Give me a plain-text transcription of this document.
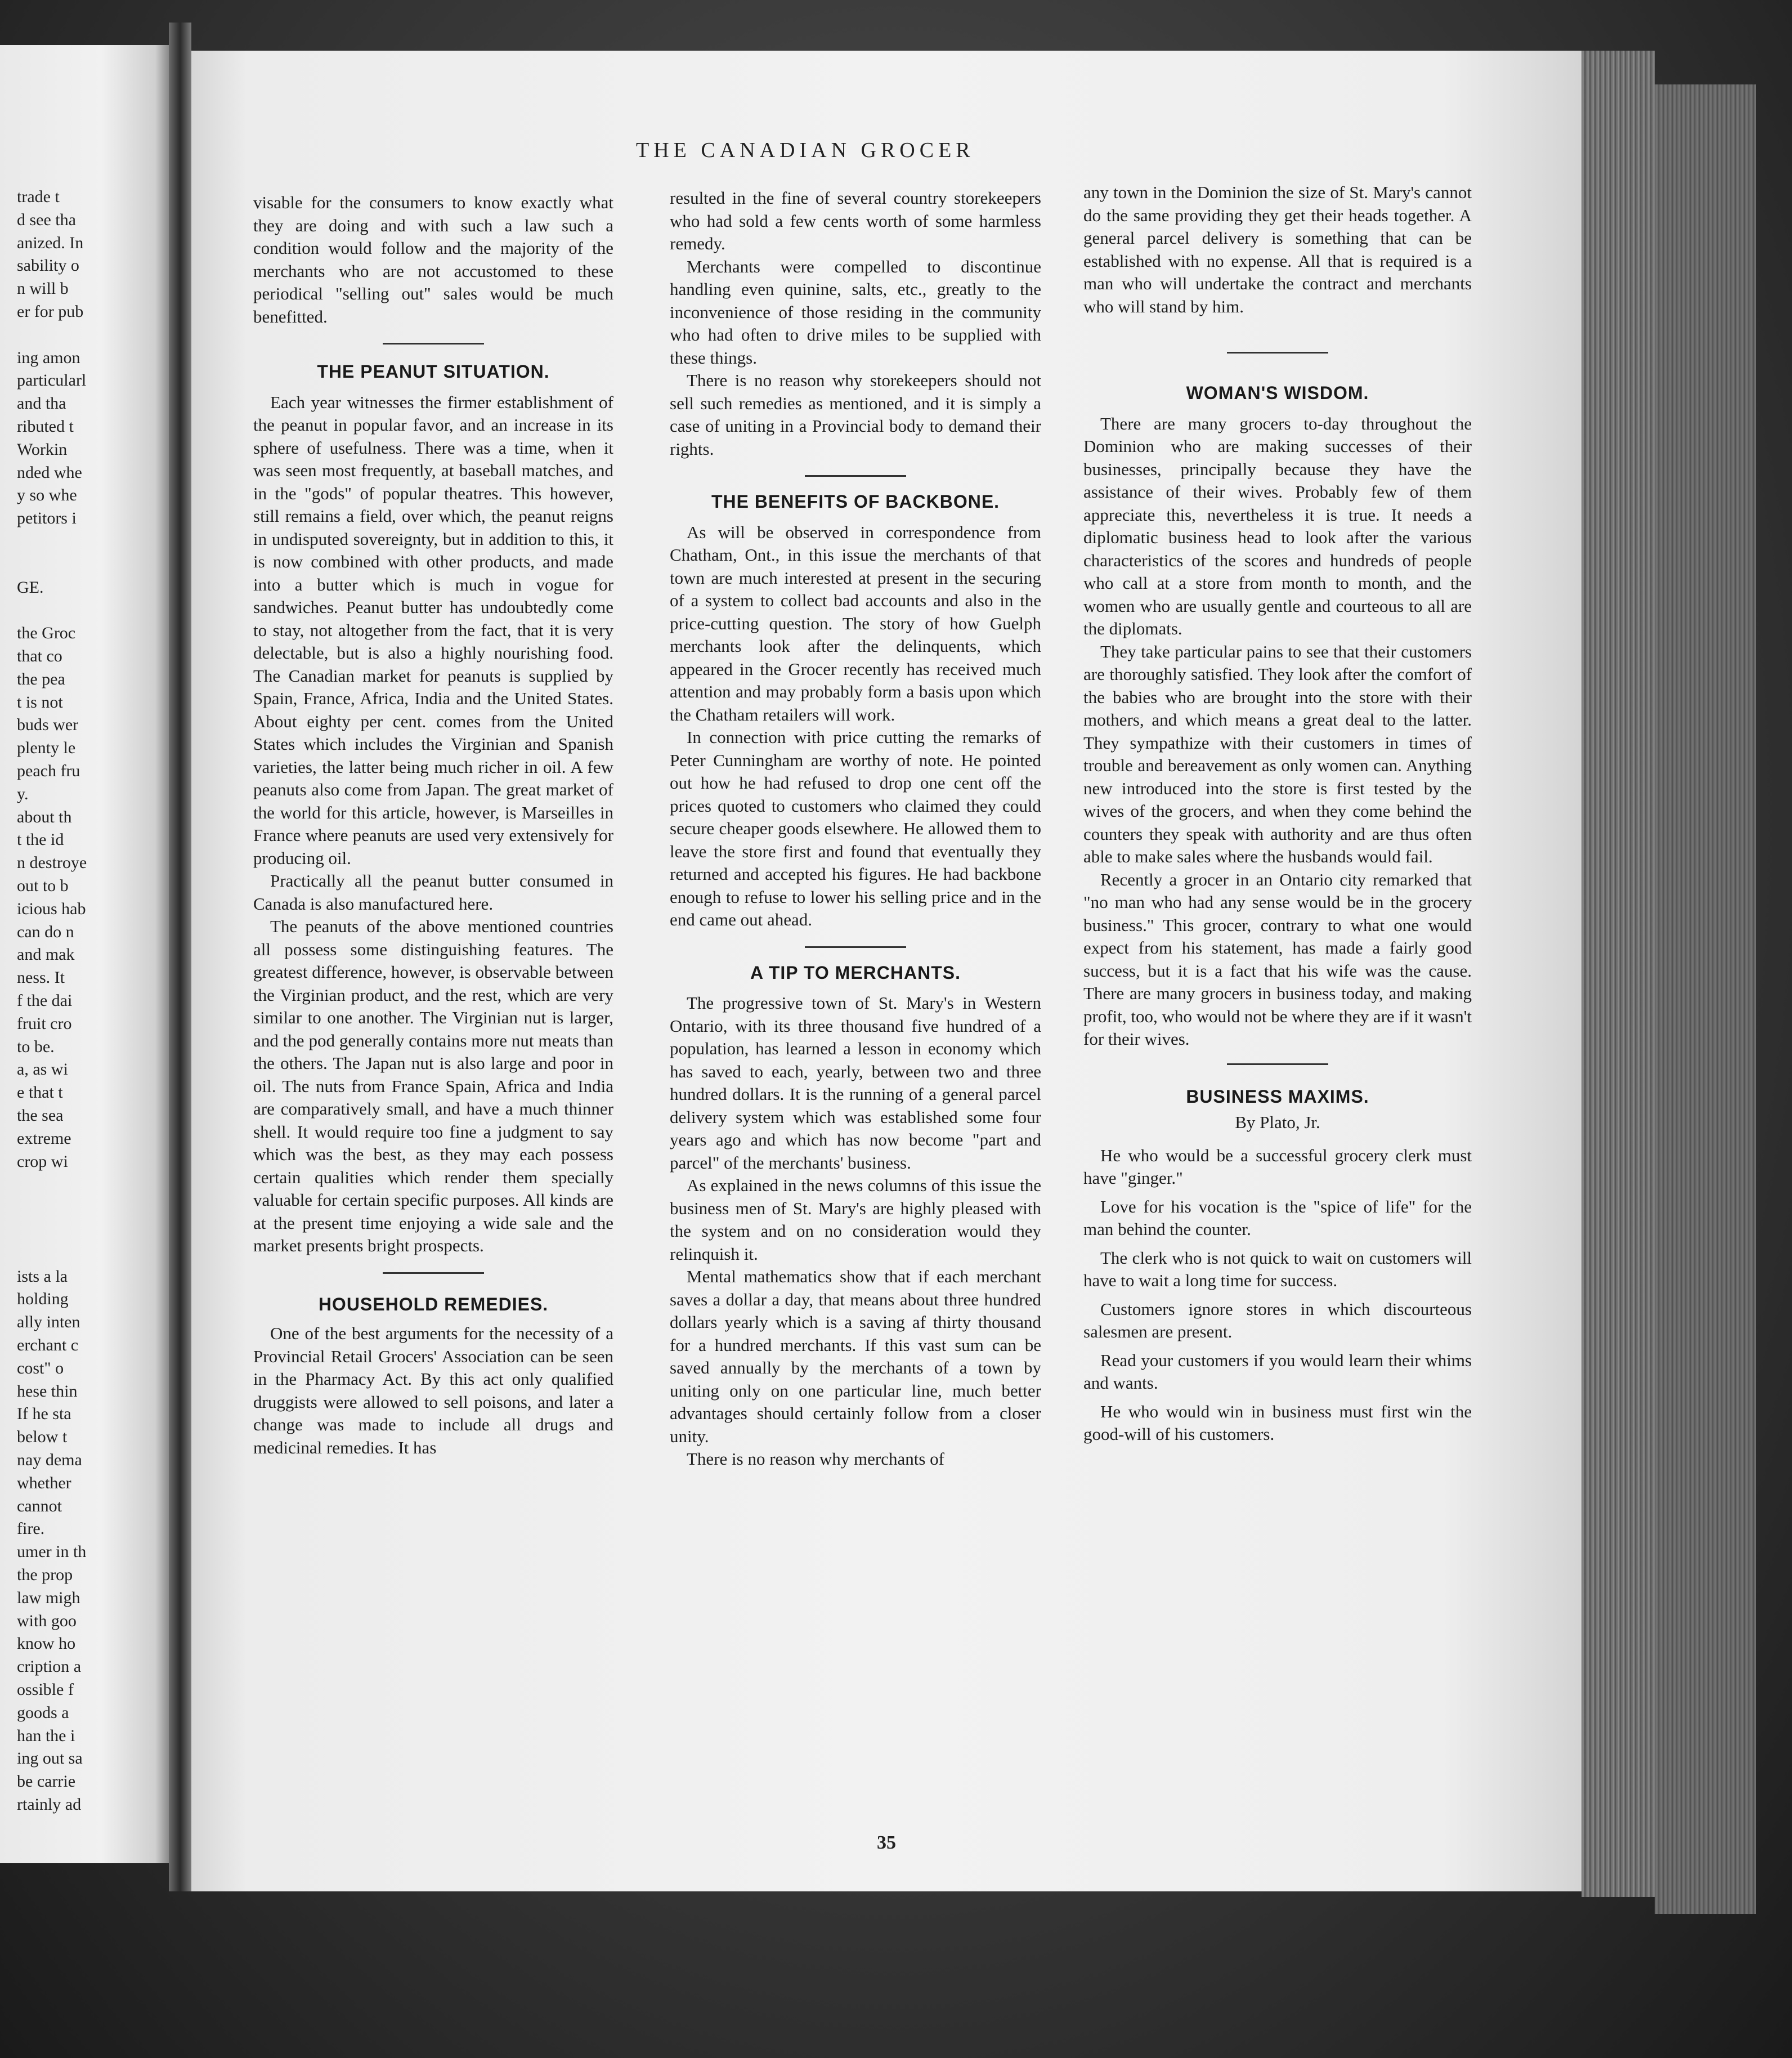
trade t
d see tha
anized. In
sability o
n will b
er for pub
ing amon
particularl
and tha
ributed t
Workin
nded whe
y so whe
petitors i
GE.
the Groc
that co
the pea
t is not
buds wer
plenty le
peach fru
y.
about th
t the id
n destroye
out to b
icious hab
can do n
and mak
ness. It
f the dai
fruit cro
to be.
a, as wi
e that t
the sea
extreme
crop wi
ists a la
holding
ally inten
erchant c
cost" o
hese thin
If he sta
below t
nay dema
whether
cannot
fire.
umer in th
the prop
law migh
with goo
know ho
cription a
ossible f
goods a
han the i
ing out sa
be carrie
rtainly ad
THE CANADIAN GROCER

visable for the consumers to know exactly what they are doing and with such a law such a condition would follow and the majority of the merchants who are not accustomed to these periodical "selling out" sales would be much benefitted.

THE PEANUT SITUATION.

Each year witnesses the firmer establishment of the peanut in popular favor, and an increase in its sphere of usefulness. There was a time, when it was seen most frequently, at baseball matches, and in the "gods" of popular theatres. This however, still remains a field, over which, the peanut reigns in undisputed sovereignty, but in addition to this, it is now combined with other products, and made into a butter which is much in vogue for sandwiches. Peanut butter has undoubtedly come to stay, not altogether from the fact, that it is very delectable, but is also a highly nourishing food. The Canadian market for peanuts is supplied by Spain, France, Africa, India and the United States. About eighty per cent. comes from the United States which includes the Virginian and Spanish varieties, the latter being much richer in oil. A few peanuts also come from Japan. The great market of the world for this article, however, is Marseilles in France where peanuts are used very extensively for producing oil.

Practically all the peanut butter consumed in Canada is also manufactured here.

The peanuts of the above mentioned countries all possess some distinguishing features. The greatest difference, however, is observable between the Virginian product, and the rest, which are very similar to one another. The Virginian nut is larger, and the pod generally contains more nut meats than the others. The Japan nut is also large and poor in oil. The nuts from France Spain, Africa and India are comparatively small, and have a much thinner shell. It would require too fine a judgment to say which was the best, as they may each possess certain qualities which render them specially valuable for certain specific purposes. All kinds are at the present time enjoying a wide sale and the market presents bright prospects.

HOUSEHOLD REMEDIES.

One of the best arguments for the necessity of a Provincial Retail Grocers' Association can be seen in the Pharmacy Act. By this act only qualified druggists were allowed to sell poisons, and later a change was made to include all drugs and medicinal remedies. It has

resulted in the fine of several country storekeepers who had sold a few cents worth of some harmless remedy.

Merchants were compelled to discontinue handling even quinine, salts, etc., greatly to the inconvenience of those residing in the community who had often to drive miles to be supplied with these things.

There is no reason why storekeepers should not sell such remedies as mentioned, and it is simply a case of uniting in a Provincial body to demand their rights.

THE BENEFITS OF BACKBONE.

As will be observed in correspondence from Chatham, Ont., in this issue the merchants of that town are much interested at present in the securing of a system to collect bad accounts and also in the price-cutting question. The story of how Guelph merchants look after the delinquents, which appeared in the Grocer recently has received much attention and may probably form a basis upon which the Chatham retailers will work.

In connection with price cutting the remarks of Peter Cunningham are worthy of note. He pointed out how he had refused to drop one cent off the prices quoted to customers who claimed they could secure cheaper goods elsewhere. He allowed them to leave the store first and found that eventually they returned and accepted his figures. He had backbone enough to refuse to lower his selling price and in the end came out ahead.

A TIP TO MERCHANTS.

The progressive town of St. Mary's in Western Ontario, with its three thousand five hundred of a population, has learned a lesson in economy which has saved to each, yearly, between two and three hundred dollars. It is the running of a general parcel delivery system which was established some four years ago and which has now become "part and parcel" of the merchants' business.

As explained in the news columns of this issue the business men of St. Mary's are highly pleased with the system and on no consideration would they relinquish it.

Mental mathematics show that if each merchant saves a dollar a day, that means about three hundred dollars yearly which is a saving af thirty thousand for a hundred merchants. If this vast sum can be saved annually by the merchants of a town by uniting only on one particular line, much better advantages should certainly follow from a closer unity.

There is no reason why merchants of

any town in the Dominion the size of St. Mary's cannot do the same providing they get their heads together. A general parcel delivery is something that can be established with no expense. All that is required is a man who will undertake the contract and merchants who will stand by him.

WOMAN'S WISDOM.

There are many grocers to-day throughout the Dominion who are making successes of their businesses, principally because they have the assistance of their wives. Probably few of them appreciate this, nevertheless it is true. It needs a diplomatic business head to look after the various characteristics of the scores and hundreds of people who call at a store from month to month, and the women who are usually gentle and courteous to all are the diplomats.

They take particular pains to see that their customers are thoroughly satisfied. They look after the comfort of the babies who are brought into the store with their mothers, and which means a great deal to the latter. They sympathize with their customers in times of trouble and bereavement as only women can. Anything new introduced into the store is first tested by the wives of the grocers, and when they come behind the counters they speak with authority and are thus often able to make sales where the husbands would fail.

Recently a grocer in an Ontario city remarked that "no man who had any sense would be in the grocery business." This grocer, contrary to what one would expect from his statement, has made a fairly good success, but it is a fact that his wife was the cause. There are many grocers in business today, and making profit, too, who would not be where they are if it wasn't for their wives.

BUSINESS MAXIMS.
By Plato, Jr.

He who would be a successful grocery clerk must have "ginger."

Love for his vocation is the "spice of life" for the man behind the counter.

The clerk who is not quick to wait on customers will have to wait a long time for success.

Customers ignore stores in which discourteous salesmen are present.

Read your customers if you would learn their whims and wants.

He who would win in business must first win the good-will of his customers.

35
